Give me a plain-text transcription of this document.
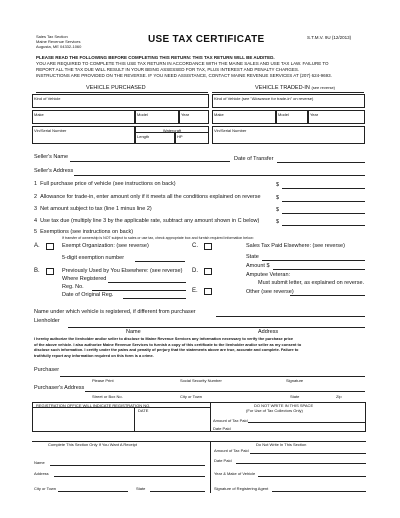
Sales Tax Section
Maine Revenue Services
Augusta, ME 04332-1060
USE TAX CERTIFICATE	S.T.M.V. 9U (12/2013)
PLEASE READ THE FOLLOWING BEFORE COMPLETING THIS RETURN: THIS TAX RETURN WILL BE AUDITED.
YOU ARE REQUIRED TO COMPLETE THIS USE TAX RETURN IN ACCORDANCE WITH THE MAINE SALES AND USE TAX LAW. FAILURE TO
REPORT ALL THE TAX DUE WILL RESULT IN YOUR BEING ASSESSED FOR TAX, PLUS INTEREST AND PENALTY CHARGES.
INSTRUCTIONS ARE PROVIDED ON THE REVERSE. IF YOU NEED ASSISTANCE, CONTACT MAINE REVENUE SERVICES AT (207) 624-9693.
VEHICLE PURCHASED	VEHICLE TRADED-IN (see reverse)
Kind of Vehicle
Make	Model	Year
Vin/Serial Number	Watercraft
Length	HP
Kind of Vehicle (see "Allowance for trade-in" on reverse)
Make	Model	Year
Vin/Serial Number
Seller's Name	Date of Transfer
Seller's Address
1 Full purchase price of vehicle (see instructions on back)	$
2 Allowance for trade-in, enter amount only if it meets all the conditions explained on reverse	$
3 Net amount subject to tax (line 1 minus line 2)	$
4 Use tax due (multiply line 3 by the applicable rate, subtract any amount shown in C below)	$
5 Exemptions (see instructions on back)
If transfer of ownership is NOT subject to sales or use tax, check appropriate box and furnish required information below:
A.	Exempt Organization: (see reverse)
5-digit exemption number
C.	Sales Tax Paid Elsewhere: (see reverse)
State
Amount $
B.	Previously Used by You Elsewhere: (see reverse)
Where Registered
Reg. No.
Date of Original Reg.
D.
Amputee Veteran:
Must submit letter, as explained on reverse.
E.	Other (see reverse)
Name under which vehicle is registered, if different from purchaser
Lienholder
Name	Address
I hereby authorize the lienholder and/or seller to disclose to Maine Revenue Services any information necessary to verify the purchase price
of the above vehicle. I also authorize Maine Revenue Services to furnish a copy of this certificate to the lienholder and/or seller as my consent to
disclose such information. I certify under the pains and penalty of perjury that the statements above are true, accurate and complete. Failure to
truthfully report any information required on this form is a crime.
Purchaser
Please Print	Social Security Number	Signature
Purchaser's Address
Street or Box No.	City or Town	State	Zip
REGISTRATION OFFICE WILL INDICATE REGISTRATION NO.
DATE
DO NOT WRITE IN THIS SPACE
(For Use of Tax Collectors Only)
Amount of Tax Paid
Date Paid
Complete This Section Only If You Want A Receipt	Do Not Write In This Section
Name
Address
City or Town	State
Amount of Tax Paid
Date Paid
Year & Make of Vehicle
Signature of Registering Agent
